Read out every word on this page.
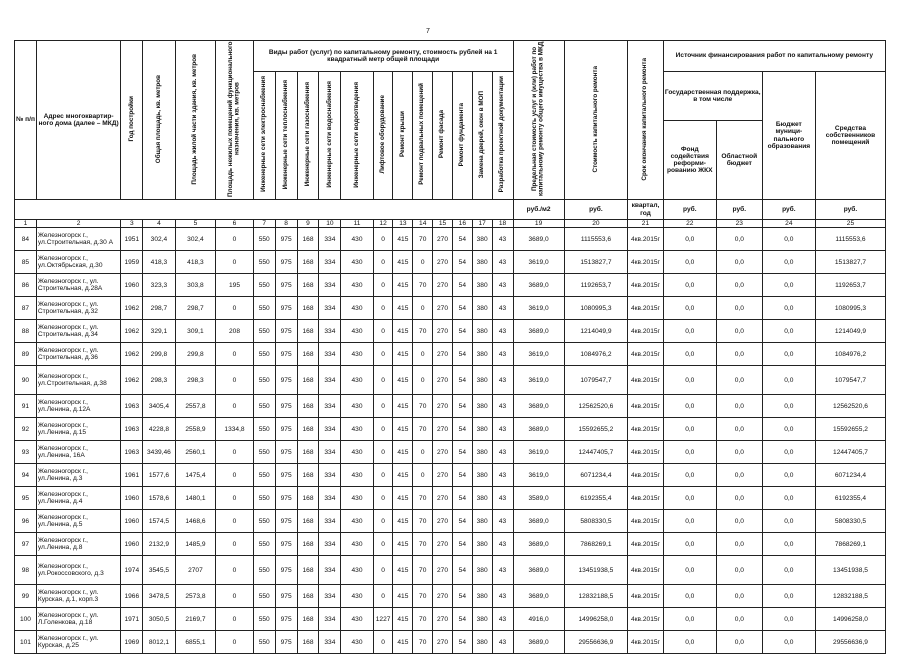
7
№ п/п	Адрес многоквартир-ного дома (далее – МКД)	Год постройки	Общая площадь, кв. метров	Площадь жилой части здания, кв. метров	Площадь нежилых помещений функционального назначения, кв. метров	Виды работ (услуг) по капитальному ремонту, стоимость рублей на 1 квадратный метр общей площади												Предельная стоимость услуг и (или) работ по капитальному ремонту общего имущества в МКД	Стоимость капитального ремонта	Срок окончания капитального ремонта	Источник финансирования работ по капитальному ремонту			
						Инженерные сети электроснабжения	Инженерные сети теплоснабжения	Инженерные сети газоснабжения	Инженерные сети водоснабжения	Инженерные сети водоотведения	Лифтовое оборудование	Ремонт крыши	Ремонт подвальных помещений	Ремонт фасада	Ремонт фундамента	Замена дверей, окон в МОП	Разработка проектной документации				Государственная поддержка, в том числе		Бюджет муници-пального образования	Средства собственников помещений
																					Фонд содействия реформи-рованию ЖКХ	Областной бюджет		
																		руб./м2	руб.	квартал, год	руб.	руб.	руб.	руб.
1	2	3	4	5	6	7	8	9	10	11	12	13	14	15	16	17	18	19	20	21	22	23	24	25
84	Железногорск г., ул.Строительная, д.30 А	1951	302,4	302,4	0	550	975	168	334	430	0	415	70	270	54	380	43	3689,0	1115553,6	4кв.2015г	0,0	0,0	0,0	1115553,6
85	Железногорск г., ул.Октябрьская, д.30	1959	418,3	418,3	0	550	975	168	334	430	0	415	0	270	54	380	43	3619,0	1513827,7	4кв.2015г	0,0	0,0	0,0	1513827,7
86	Железногорск г., ул. Строительная, д.28А	1960	323,3	303,8	195	550	975	168	334	430	0	415	70	270	54	380	43	3689,0	1192653,7	4кв.2015г	0,0	0,0	0,0	1192653,7
87	Железногорск г., ул. Строительная, д.32	1962	298,7	298,7	0	550	975	168	334	430	0	415	0	270	54	380	43	3619,0	1080995,3	4кв.2015г	0,0	0,0	0,0	1080995,3
88	Железногорск г., ул. Строительная, д.34	1962	329,1	309,1	208	550	975	168	334	430	0	415	70	270	54	380	43	3689,0	1214049,9	4кв.2015г	0,0	0,0	0,0	1214049,9
89	Железногорск г., ул. Строительная, д.36	1962	299,8	299,8	0	550	975	168	334	430	0	415	0	270	54	380	43	3619,0	1084976,2	4кв.2015г	0,0	0,0	0,0	1084976,2
90	Железногорск г., ул.Строительная, д.38	1962	298,3	298,3	0	550	975	168	334	430	0	415	0	270	54	380	43	3619,0	1079547,7	4кв.2015г	0,0	0,0	0,0	1079547,7
91	Железногорск г., ул.Ленина, д.12А	1963	3405,4	2557,8	0	550	975	168	334	430	0	415	70	270	54	380	43	3689,0	12562520,6	4кв.2015г	0,0	0,0	0,0	12562520,6
92	Железногорск г., ул.Ленина, д.15	1963	4228,8	2558,9	1334,8	550	975	168	334	430	0	415	70	270	54	380	43	3689,0	15592655,2	4кв.2015г	0,0	0,0	0,0	15592655,2
93	Железногорск г., ул.Ленина, 16А	1963	3439,46	2560,1	0	550	975	168	334	430	0	415	0	270	54	380	43	3619,0	12447405,7	4кв.2015г	0,0	0,0	0,0	12447405,7
94	Железногорск г., ул.Ленина, д.3	1961	1577,6	1475,4	0	550	975	168	334	430	0	415	0	270	54	380	43	3619,0	6071234,4	4кв.2015г	0,0	0,0	0,0	6071234,4
95	Железногорск г., ул.Ленина, д.4	1960	1578,6	1480,1	0	550	975	168	334	430	0	415	70	270	54	380	43	3589,0	6192355,4	4кв.2015г	0,0	0,0	0,0	6192355,4
96	Железногорск г., ул.Ленина, д.5	1960	1574,5	1468,6	0	550	975	168	334	430	0	415	70	270	54	380	43	3689,0	5808330,5	4кв.2015г	0,0	0,0	0,0	5808330,5
97	Железногорск г., ул.Ленина, д.8	1960	2132,9	1485,9	0	550	975	168	334	430	0	415	70	270	54	380	43	3689,0	7868269,1	4кв.2015г	0,0	0,0	0,0	7868269,1
98	Железногорск г., ул.Рокоссовского, д.3	1974	3545,5	2707	0	550	975	168	334	430	0	415	70	270	54	380	43	3689,0	13451938,5	4кв.2015г	0,0	0,0	0,0	13451938,5
99	Железногорск г., ул. Курская, д.1, корп.3	1966	3478,5	2573,8	0	550	975	168	334	430	0	415	70	270	54	380	43	3689,0	12832188,5	4кв.2015г	0,0	0,0	0,0	12832188,5
100	Железногорск г., ул. Л.Голенкова, д.18	1971	3050,5	2169,7	0	550	975	168	334	430	1227	415	70	270	54	380	43	4916,0	14996258,0	4кв.2015г	0,0	0,0	0,0	14996258,0
101	Железногорск г., ул. Курская, д.25	1969	8012,1	6855,1	0	550	975	168	334	430	0	415	70	270	54	380	43	3689,0	29556636,9	4кв.2015г	0,0	0,0	0,0	29556636,9
